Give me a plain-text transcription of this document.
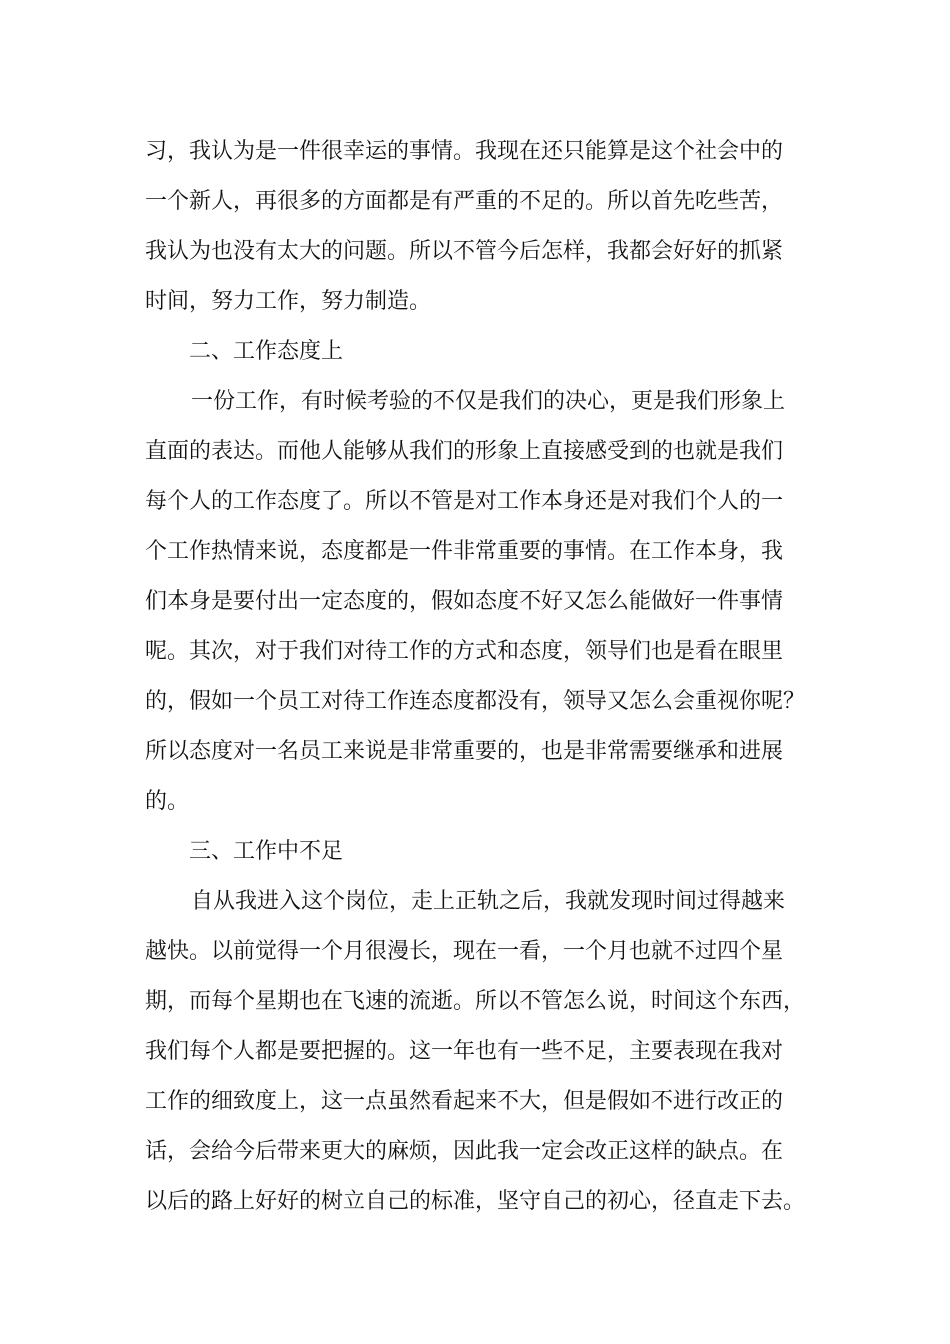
习，我认为是一件很幸运的事情。我现在还只能算是这个社会中的
一个新人，再很多的方面都是有严重的不足的。所以首先吃些苦，
我认为也没有太大的问题。所以不管今后怎样，我都会好好的抓紧
时间，努力工作，努力制造。
二、工作态度上
一份工作，有时候考验的不仅是我们的决心，更是我们形象上
直面的表达。而他人能够从我们的形象上直接感受到的也就是我们
每个人的工作态度了。所以不管是对工作本身还是对我们个人的一
个工作热情来说，态度都是一件非常重要的事情。在工作本身，我
们本身是要付出一定态度的，假如态度不好又怎么能做好一件事情
呢。其次，对于我们对待工作的方式和态度，领导们也是看在眼里
的，假如一个员工对待工作连态度都没有，领导又怎么会重视你呢？
所以态度对一名员工来说是非常重要的，也是非常需要继承和进展
的。
三、工作中不足
自从我进入这个岗位，走上正轨之后，我就发现时间过得越来
越快。以前觉得一个月很漫长，现在一看，一个月也就不过四个星
期，而每个星期也在飞速的流逝。所以不管怎么说，时间这个东西，
我们每个人都是要把握的。这一年也有一些不足，主要表现在我对
工作的细致度上，这一点虽然看起来不大，但是假如不进行改正的
话，会给今后带来更大的麻烦，因此我一定会改正这样的缺点。在
以后的路上好好的树立自己的标准，坚守自己的初心，径直走下去。
